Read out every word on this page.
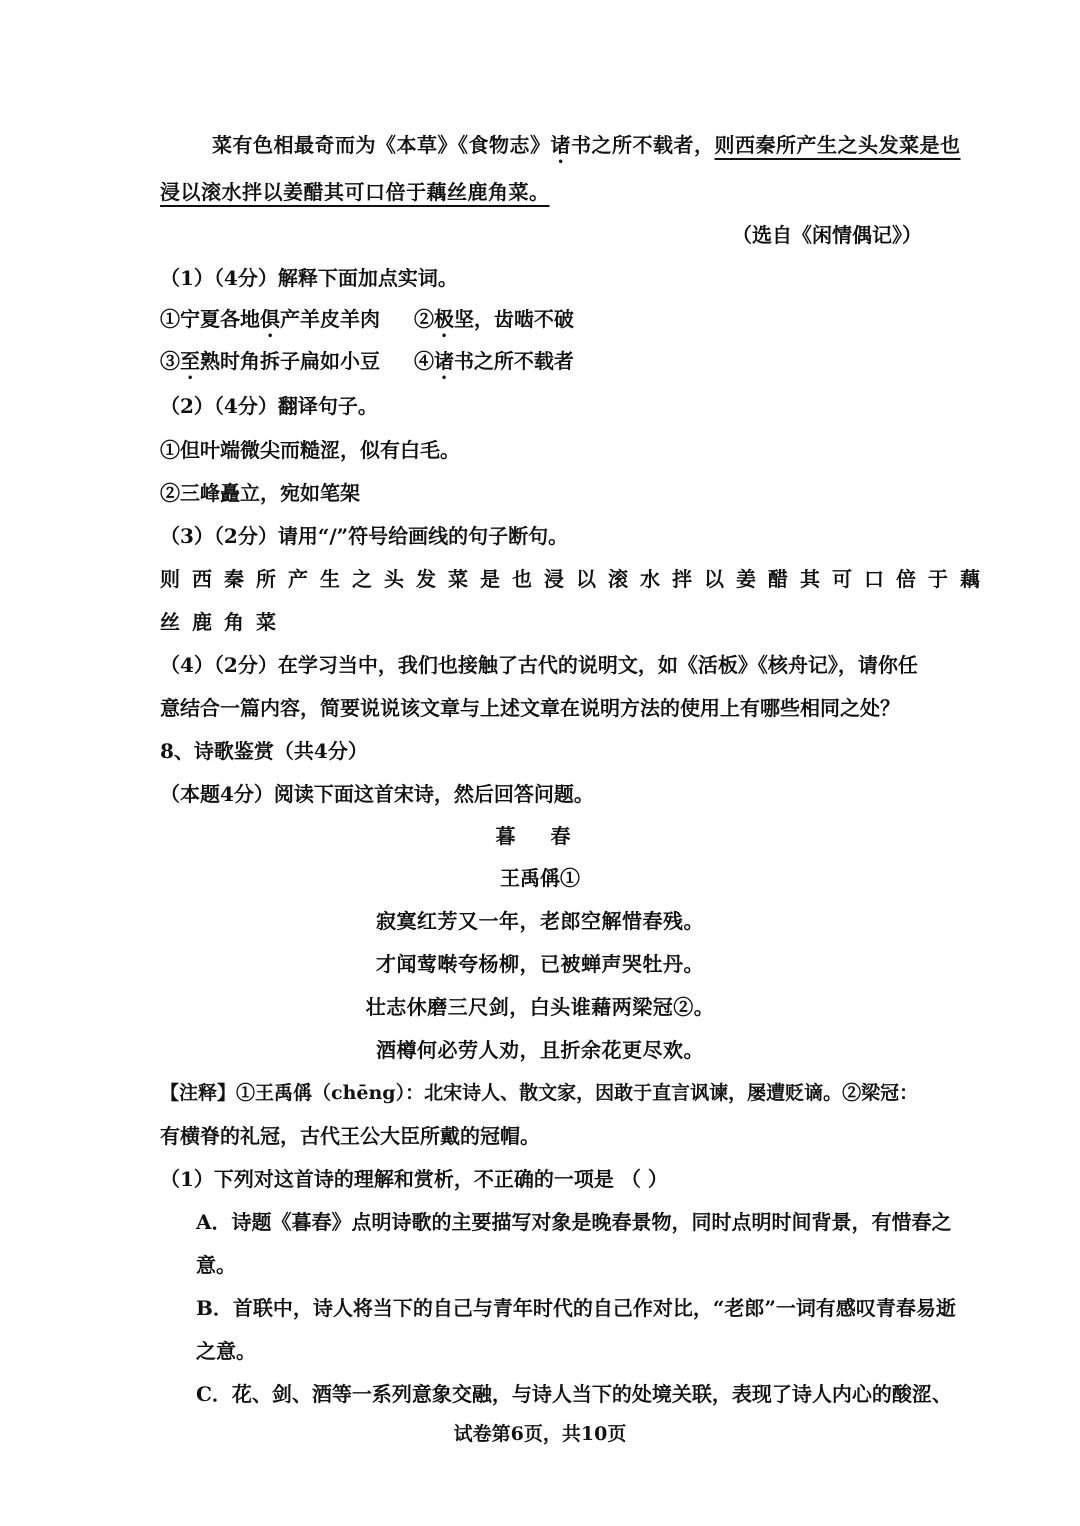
菜有色相最奇而为《本草》《食物志》诸书之所不载者，则西秦所产生之头发菜是也
浸以滚水拌以姜醋其可口倍于藕丝鹿角菜。
（选自《闲情偶记》）
（1）（4分）解释下面加点实词。
①宁夏各地俱产羊皮羊肉 ②极坚，齿啮不破
③至熟时角拆子扁如小豆 ④诸书之所不载者
（2）（4分）翻译句子。
①但叶端微尖而糙涩，似有白毛。
②三峰矗立，宛如笔架
（3）（2分）请用“/”符号给画线的句子断句。
则西秦所产生之头发菜是也浸以滚水拌以姜醋其可口倍于藕
丝鹿角菜
（4）（2分）在学习当中，我们也接触了古代的说明文，如《活板》《核舟记》，请你任
意结合一篇内容，简要说说该文章与上述文章在说明方法的使用上有哪些相同之处？
8、诗歌鉴赏（共4分）
（本题4分）阅读下面这首宋诗，然后回答问题。
暮 春
王禹偁①
寂寞红芳又一年，老郎空解惜春残。
才闻莺啭夸杨柳，已被蝉声哭牡丹。
壮志休磨三尺剑，白头谁藉两梁冠②。
酒樽何必劳人劝，且折余花更尽欢。
【注释】①王禹偁（chēng）：北宋诗人、散文家，因敢于直言讽谏，屡遭贬谪。②梁冠：
有横脊的礼冠，古代王公大臣所戴的冠帽。
（1）下列对这首诗的理解和赏析，不正确的一项是 （ ）
A．诗题《暮春》点明诗歌的主要描写对象是晚春景物，同时点明时间背景，有惜春之
意。
B．首联中，诗人将当下的自己与青年时代的自己作对比，“老郎”一词有感叹青春易逝
之意。
C．花、剑、酒等一系列意象交融，与诗人当下的处境关联，表现了诗人内心的酸涩、
试卷第6页，共10页
